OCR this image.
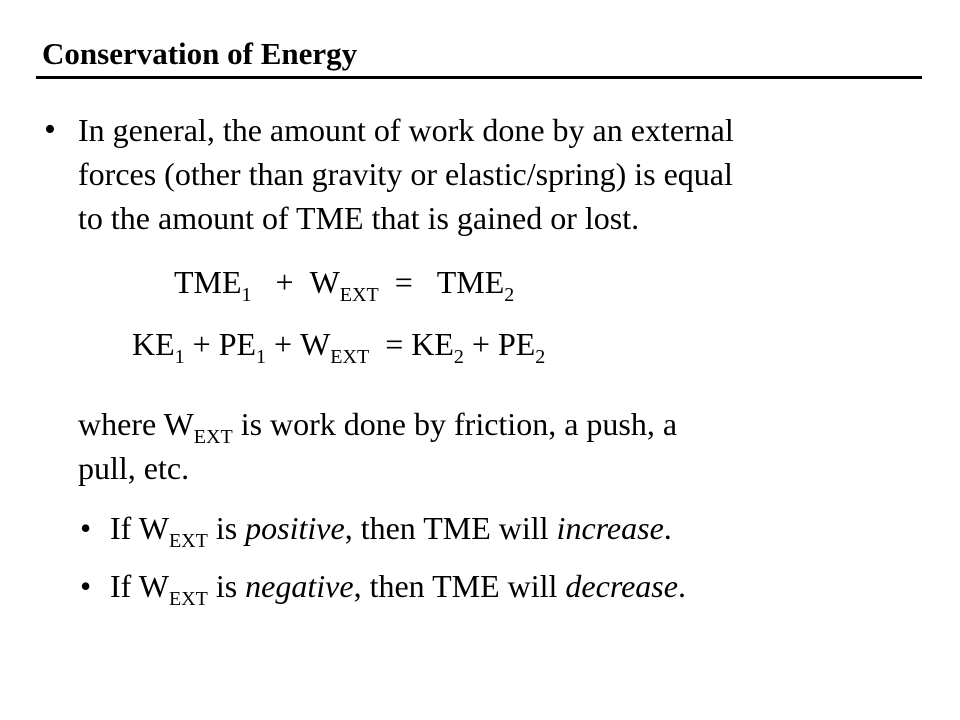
Conservation of Energy
• In general, the amount of work done by an external
forces (other than gravity or elastic/spring) is equal
to the amount of TME that is gained or lost.
$TME_1 + W_{EXT} = TME_2$
$KE_1 + PE_1 + W_{EXT} = KE_2 + PE_2$
where $W_{EXT}$ is work done by friction, a push, a
pull, etc.
• If $W_{EXT}$ is positive, then TME will increase.
• If $W_{EXT}$ is negative, then TME will decrease.
